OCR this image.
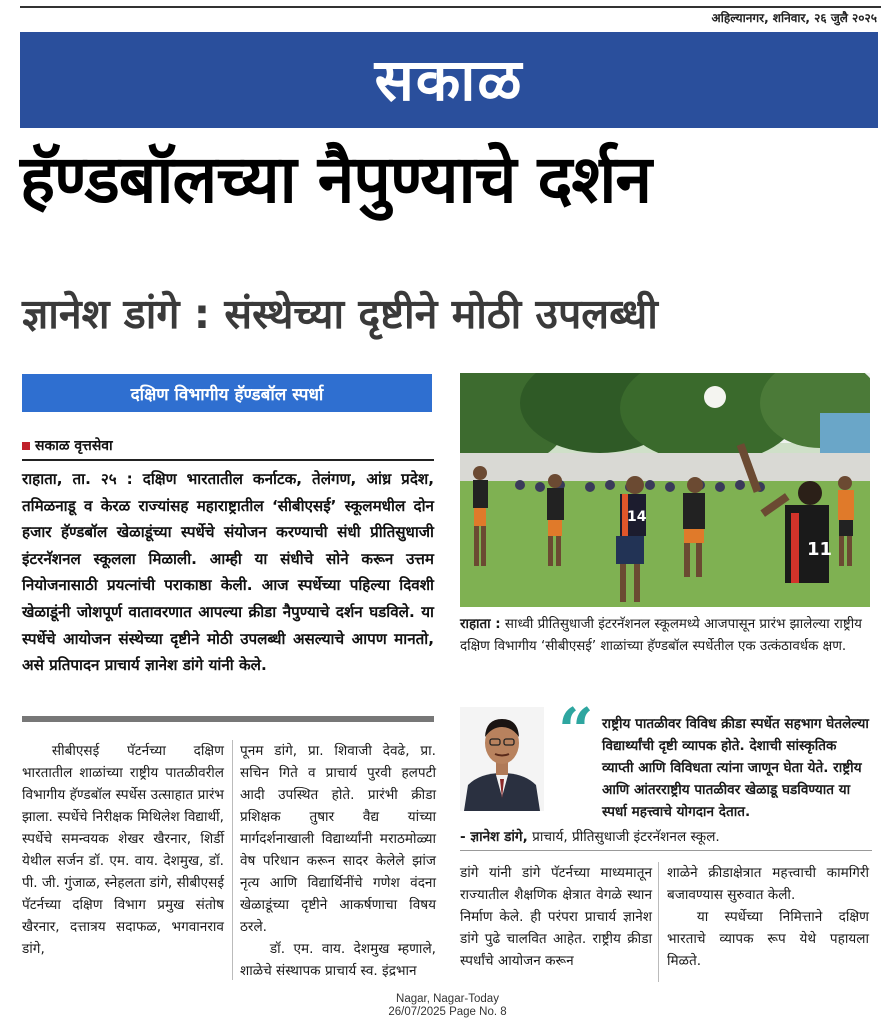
अहिल्यानगर, शनिवार, २६ जुलै २०२५
सकाळ
हॅण्डबॉलच्या नैपुण्याचे दर्शन
ज्ञानेश डांगे : संस्थेच्या दृष्टीने मोठी उपलब्धी
दक्षिण विभागीय हॅण्डबॉल स्पर्धा
सकाळ वृत्तसेवा

राहाता, ता. २५ : दक्षिण भारतातील कर्नाटक, तेलंगण, आंध्र प्रदेश, तमिळनाडू व केरळ राज्यांसह महाराष्ट्रातील ‘सीबीएसई’ स्कूलमधील दोन हजार हॅण्डबॉल खेळाडूंच्या स्पर्धेचे संयोजन करण्याची संधी प्रीतिसुधाजी इंटरनॅशनल स्कूलला मिळाली. आम्ही या संधीचे सोने करून उत्तम नियोजनासाठी प्रयत्नांची पराकाष्ठा केली. आज स्पर्धेच्या पहिल्या दिवशी खेळाडूंनी जोशपूर्ण वातावरणात आपल्या क्रीडा नैपुण्याचे दर्शन घडविले. या स्पर्धेचे आयोजन संस्थेच्या दृष्टीने मोठी उपलब्धी असल्याचे आपण मानतो, असे प्रतिपादन प्राचार्य ज्ञानेश डांगे यांनी केले.

सीबीएसई पॅटर्नच्या दक्षिण भारतातील शाळांच्या राष्ट्रीय पातळीवरील विभागीय हॅण्डबॉल स्पर्धेस उत्साहात प्रारंभ झाला. स्पर्धेचे निरीक्षक मिथिलेश विद्यार्थी, स्पर्धेचे समन्वयक शेखर खैरनार, शिर्डी येथील सर्जन डॉ. एम. वाय. देशमुख, डॉ. पी. जी. गुंजाळ, स्नेहलता डांगे, सीबीएसई पॅटर्नच्या दक्षिण विभाग प्रमुख संतोष खैरनार, दत्तात्रय सदाफळ, भगवानराव डांगे,

पूनम डांगे, प्रा. शिवाजी देवढे, प्रा. सचिन गिते व प्राचार्य पुरवी हलपटी आदी उपस्थित होते. प्रारंभी क्रीडा प्रशिक्षक तुषार वैद्य यांच्या मार्गदर्शनाखाली विद्यार्थ्यांनी मराठमोळ्या वेष परिधान करून सादर केलेले झांज नृत्य आणि विद्यार्थिनींचे गणेश वंदना खेळाडूंच्या दृष्टीने आकर्षणाचा विषय ठरले.

डॉ. एम. वाय. देशमुख म्हणाले, शाळेचे संस्थापक प्राचार्य स्व. इंद्रभान

14
11

राहाता : साध्वी प्रीतिसुधाजी इंटरनॅशनल स्कूलमध्ये आजपासून प्रारंभ झालेल्या राष्ट्रीय दक्षिण विभागीय ‘सीबीएसई’ शाळांच्या हॅण्डबॉल स्पर्धेतील एक उत्कंठावर्धक क्षण.

“ राष्ट्रीय पातळीवर विविध क्रीडा स्पर्धेत सहभाग घेतलेल्या विद्यार्थ्यांची दृष्टी व्यापक होते. देशाची सांस्कृतिक व्याप्ती आणि विविधता त्यांना जाणून घेता येते. राष्ट्रीय आणि आंतरराष्ट्रीय पातळीवर खेळाडू घडविण्यात या स्पर्धा महत्त्वाचे योगदान देतात.

- ज्ञानेश डांगे, प्राचार्य, प्रीतिसुधाजी इंटरनॅशनल स्कूल.

डांगे यांनी डांगे पॅटर्नच्या माध्यमातून राज्यातील शैक्षणिक क्षेत्रात वेगळे स्थान निर्माण केले. ही परंपरा प्राचार्य ज्ञानेश डांगे पुढे चालवित आहेत. राष्ट्रीय क्रीडा स्पर्धांचे आयोजन करून

शाळेने क्रीडाक्षेत्रात महत्त्वाची कामगिरी बजावण्यास सुरुवात केली.

या स्पर्धेच्या निमित्ताने दक्षिण भारताचे व्यापक रूप येथे पहायला मिळते.

Nagar, Nagar-Today
26/07/2025 Page No. 8
